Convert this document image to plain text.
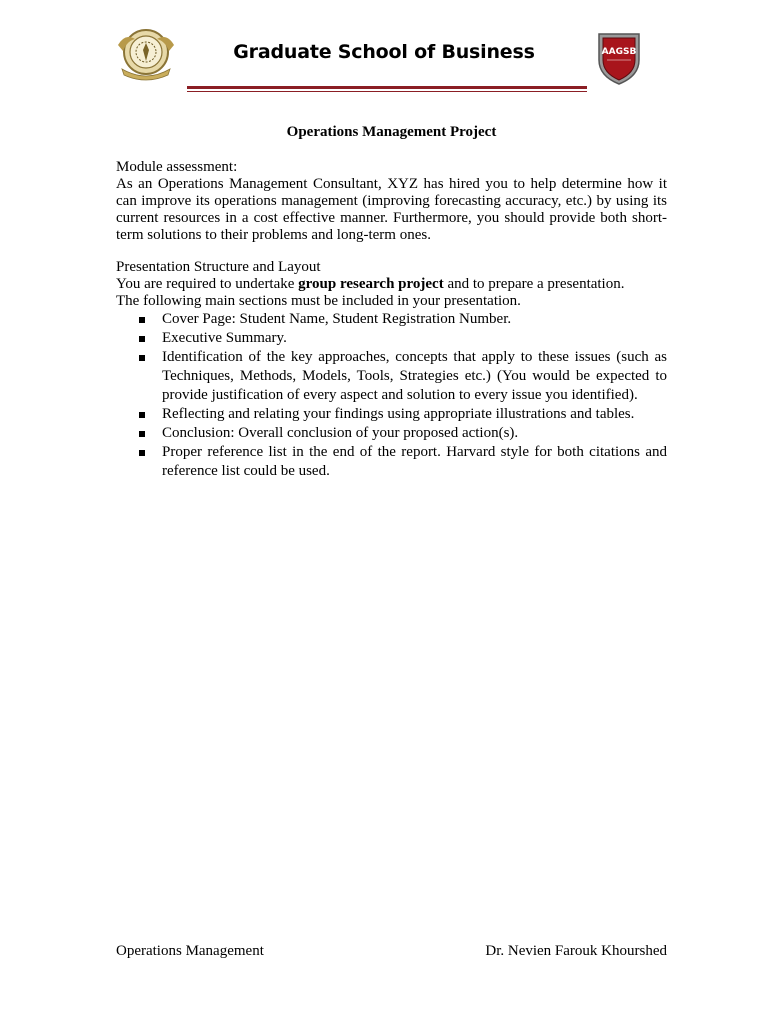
Graduate School of Business	AAGSB
Operations Management Project

Module assessment:

As an Operations Management Consultant, XYZ has hired you to help determine how it can improve its operations management (improving forecasting accuracy, etc.) by using its current resources in a cost effective manner. Furthermore, you should provide both short-term solutions to their problems and long-term ones.

Presentation Structure and Layout

You are required to undertake group research project and to prepare a presentation.

The following main sections must be included in your presentation.

Cover Page: Student Name, Student Registration Number.
Executive Summary.
Identification of the key approaches, concepts that apply to these issues (such as Techniques, Methods, Models, Tools, Strategies etc.) (You would be expected to provide justification of every aspect and solution to every issue you identified).
Reflecting and relating your findings using appropriate illustrations and tables.
Conclusion: Overall conclusion of your proposed action(s).
Proper reference list in the end of the report. Harvard style for both citations and reference list could be used.
Operations Management	Dr. Nevien Farouk Khourshed
